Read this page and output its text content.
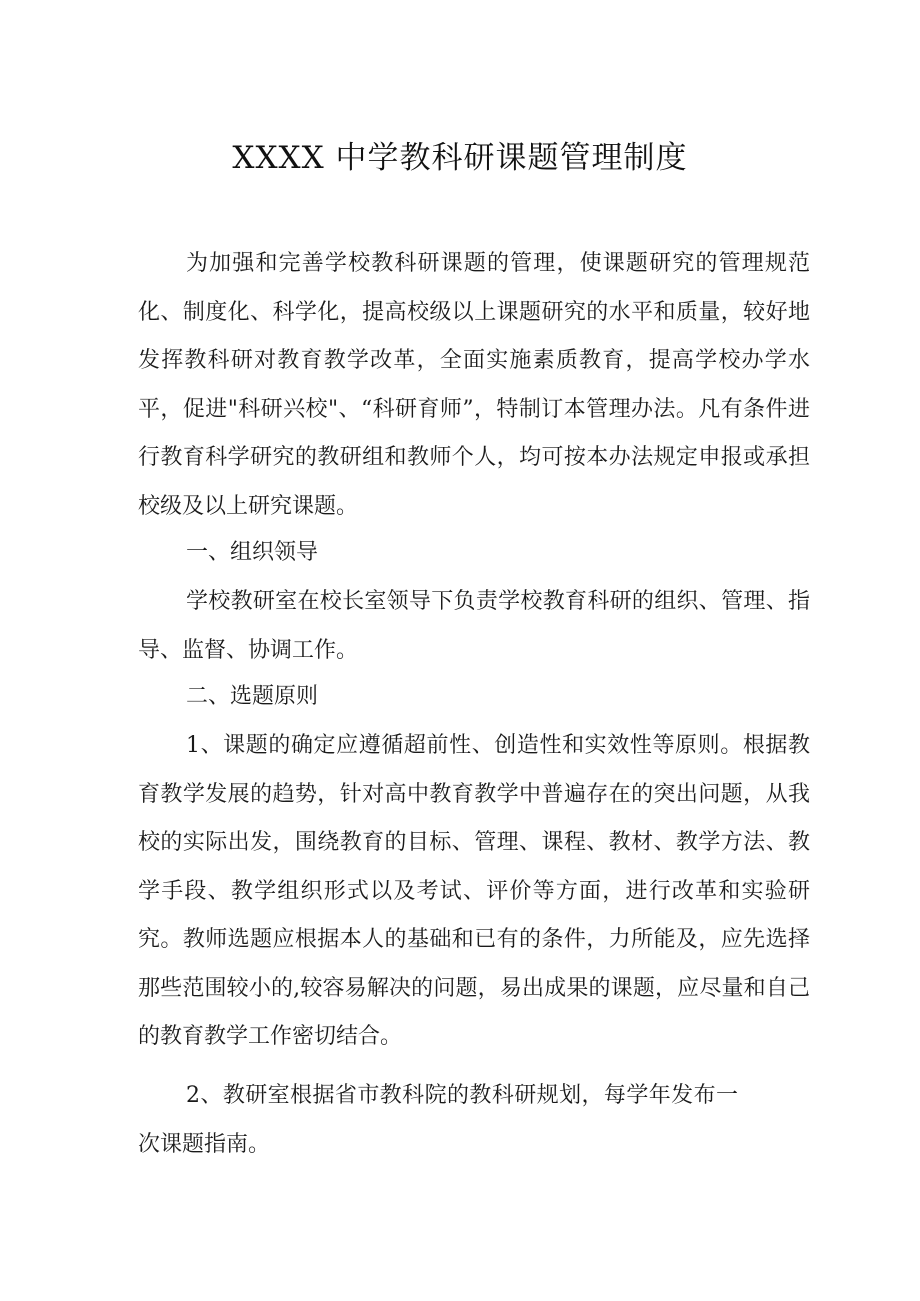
XXXX 中学教科研课题管理制度
为加强和完善学校教科研课题的管理，使课题研究的管理规范化、制度化、科学化，提高校级以上课题研究的水平和质量，较好地发挥教科研对教育教学改革，全面实施素质教育，提高学校办学水平，促进"科研兴校"、“科研育师”，特制订本管理办法。凡有条件进行教育科学研究的教研组和教师个人，均可按本办法规定申报或承担校级及以上研究课题。
一、组织领导
学校教研室在校长室领导下负责学校教育科研的组织、管理、指导、监督、协调工作。
二、选题原则
1、课题的确定应遵循超前性、创造性和实效性等原则。根据教育教学发展的趋势，针对高中教育教学中普遍存在的突出问题，从我校的实际出发，围绕教育的目标、管理、课程、教材、教学方法、教学手段、教学组织形式以及考试、评价等方面，进行改革和实验研究。教师选题应根据本人的基础和已有的条件，力所能及，应先选择那些范围较小的,较容易解决的问题，易出成果的课题，应尽量和自己的教育教学工作密切结合。
2、教研室根据省市教科院的教科研规划，每学年发布一次课题指南。
